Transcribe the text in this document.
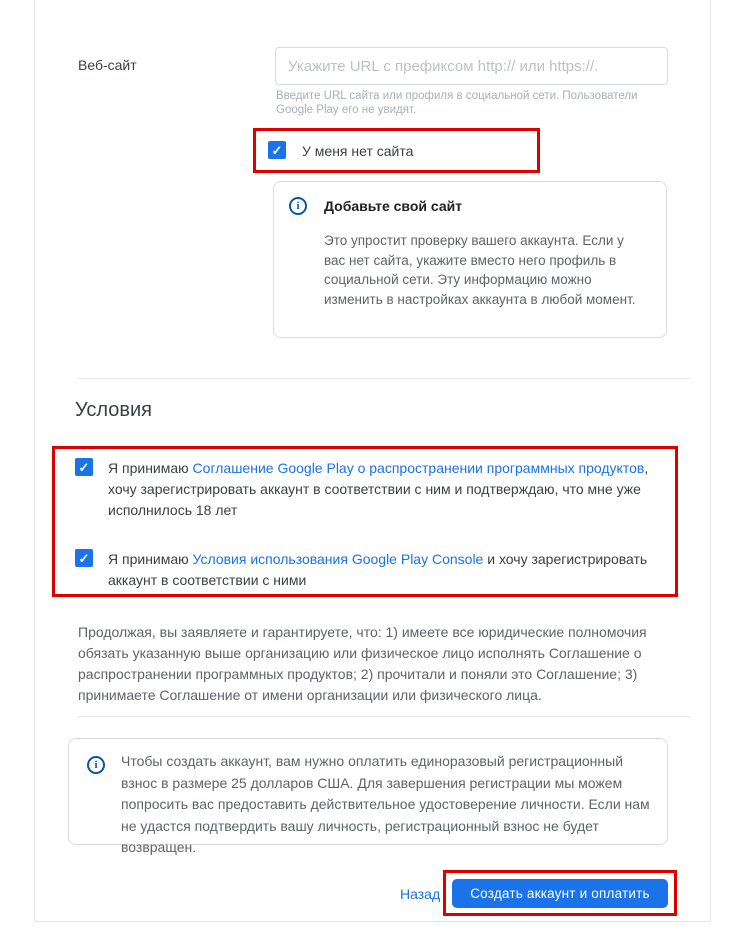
Веб-сайт
Укажите URL с префиксом http:// или https://.
Введите URL сайта или профиля в социальной сети. Пользователи Google Play его не увидят.
✓
У меня нет сайта
i
Добавьте свой сайт
Это упростит проверку вашего аккаунта. Если у вас нет сайта, укажите вместо него профиль в социальной сети. Эту информацию можно изменить в настройках аккаунта в любой момент.
Условия
✓
Я принимаю Соглашение Google Play о распространении программных продуктов, хочу зарегистрировать аккаунт в соответствии с ним и подтверждаю, что мне уже исполнилось 18 лет
✓
Я принимаю Условия использования Google Play Console и хочу зарегистрировать аккаунт в соответствии с ними
Продолжая, вы заявляете и гарантируете, что: 1) имеете все юридические полномочия обязать указанную выше организацию или физическое лицо исполнять Соглашение о распространении программных продуктов; 2) прочитали и поняли это Соглашение; 3) принимаете Соглашение от имени организации или физического лица.
i
Чтобы создать аккаунт, вам нужно оплатить единоразовый регистрационный взнос в размере 25 долларов США. Для завершения регистрации мы можем попросить вас предоставить действительное удостоверение личности. Если нам не удастся подтвердить вашу личность, регистрационный взнос не будет возвращен.
Назад	Создать аккаунт и оплатить
